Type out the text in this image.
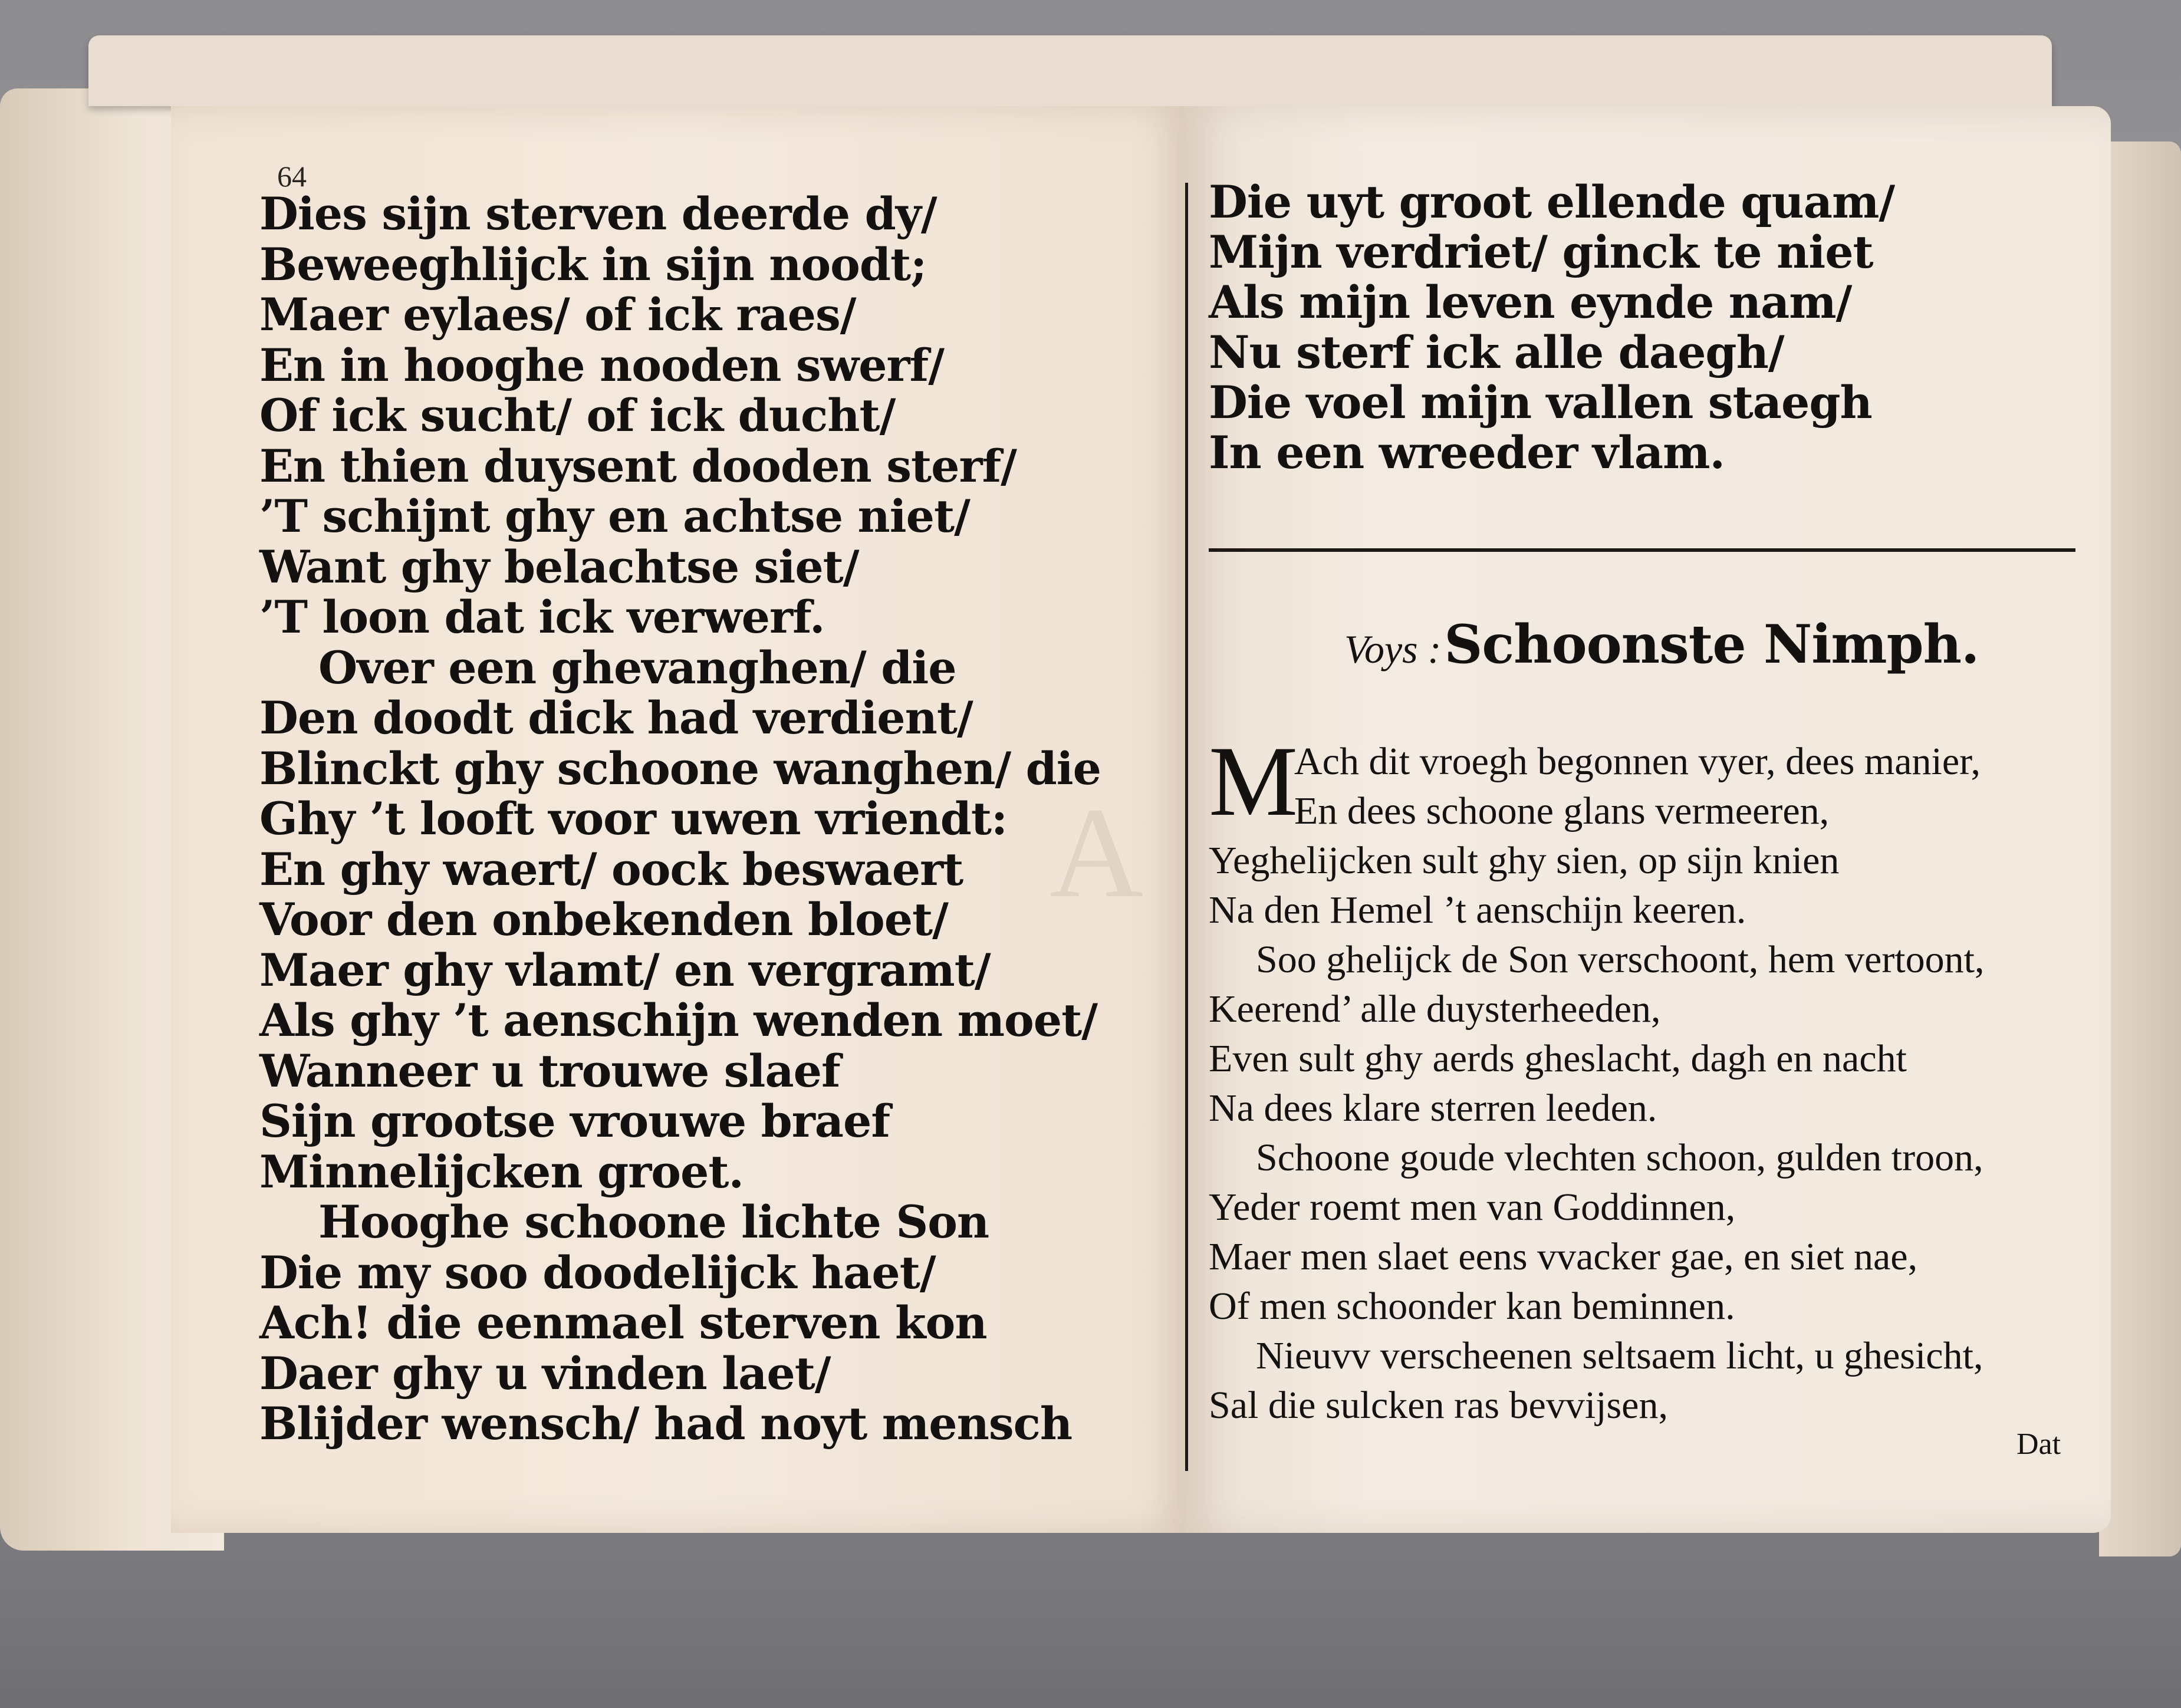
A
64
Dies sijn sterven deerde dy/
Beweeghlijck in sijn noodt;
Maer eylaes/ of ick raes/
En in hooghe nooden swerf/
Of ick sucht/ of ick ducht/
En thien duysent dooden sterf/
’T schijnt ghy en achtse niet/
Want ghy belachtse siet/
’T loon dat ick verwerf.
Over een ghevanghen/ die
Den doodt dick had verdient/
Blinckt ghy schoone wanghen/ die
Ghy ’t looft voor uwen vriendt:
En ghy waert/ oock beswaert
Voor den onbekenden bloet/
Maer ghy vlamt/ en vergramt/
Als ghy ’t aenschijn wenden moet/
Wanneer u trouwe slaef
Sijn grootse vrouwe braef
Minnelijcken groet.
Hooghe schoone lichte Son
Die my soo doodelijck haet/
Ach! die eenmael sterven kon
Daer ghy u vinden laet/
Blijder wensch/ had noyt mensch
Die uyt groot ellende quam/
Mijn verdriet/ ginck te niet
Als mijn leven eynde nam/
Nu sterf ick alle daegh/
Die voel mijn vallen staegh
In een wreeder vlam.
Voys : Schoonste Nimph.
M
Ach dit vroegh begonnen vyer, dees manier,
En dees schoone glans vermeeren,
Yeghelijcken sult ghy sien, op sijn knien
Na den Hemel ’t aenschijn keeren.
Soo ghelijck de Son verschoont, hem vertoont,
Keerend’ alle duysterheeden,
Even sult ghy aerds gheslacht, dagh en nacht
Na dees klare sterren leeden.
Schoone goude vlechten schoon, gulden troon,
Yeder roemt men van Goddinnen,
Maer men slaet eens vvacker gae, en siet nae,
Of men schoonder kan beminnen.
Nieuvv verscheenen seltsaem licht, u ghesicht,
Sal die sulcken ras bevvijsen,
Dat
